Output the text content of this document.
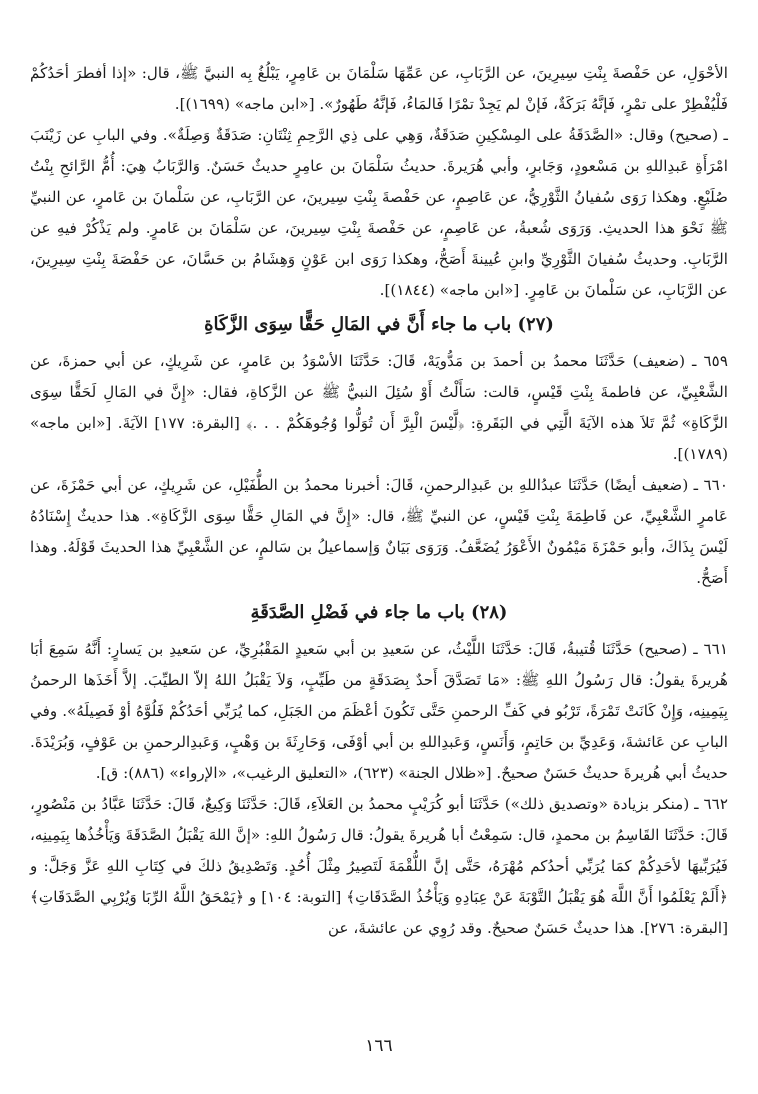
الأحْوَلِ، عن حَفْصةَ بِنْتِ سِيرِينَ، عن الرَّبَابِ، عن عَمِّهَا سَلْمَانَ بن عَامِرٍ، يَبْلُغُ بِه النبيَّ ﷺ، قال: «إذا أفطرَ أحَدُكُمْ فَلْيُفْطِرْ على تمْرٍ، فَإنَّهُ بَرَكَةٌ، فَإنْ لم يَجِدْ تمْرًا فَالمَاءُ، فَإنَّهُ طَهُورٌ». [«ابن ماجه» (١٦٩٩)].

ـ (صحيح) وقال: «الصَّدَقَةُ على المِسْكِينِ صَدَقَةٌ، وَهِي على ذِي الرَّحِمِ ثِنْتَانِ: صَدَقَةٌ وَصِلَةٌ». وفي البابِ عن زَيْنَبَ امْرَأَةِ عَبدِاللهِ بن مَسْعودٍ، وَجَابرٍ، وأبي هُرَيرةَ. حديثُ سَلْمَانَ بن عامِرٍ حديثٌ حَسَنٌ. وَالرَّبَابُ هِيَ: أُمُّ الرَّائحِ بِنْتُ صُلَيْعٍ. وهكذا رَوَى سُفيانُ الثَّوْرِيُّ، عن عَاصِمٍ، عن حَفْصةَ بِنْتِ سِيرينَ، عن الرَّبَابِ، عن سَلْمانَ بن عَامرٍ، عن النبيِّ ﷺ نَحْوَ هذا الحديثِ. وَرَوَى شُعبةُ، عن عَاصِمٍ، عن حَفْصةَ بِنْتِ سِيرينَ، عن سَلْمَانَ بن عَامرٍ. ولم يَذْكُرْ فيهِ عن الرَّبَابِ. وحديثُ سُفيانَ الثَّوْرِيِّ وابنِ عُيينةَ أَصَحُّ، وهكذا رَوَى ابن عَوْنٍ وَهِشَامُ بن حَسَّانَ، عن حَفْصَةَ بِنْتِ سِيرِينَ، عن الرَّبَابِ، عن سَلْمانَ بن عَامِرٍ. [«ابن ماجه» (١٨٤٤)].

(٢٧) باب ما جاء أَنَّ في المَالِ حَقًّا سِوَى الزَّكَاةِ

٦٥٩ ـ (ضعيف) حَدَّثَنَا محمدُ بن أحمدَ بن مَدُّويَهْ، قَالَ: حَدَّثَنَا الأسْوَدُ بن عَامرٍ، عن شَرِيكٍ، عن أبي حمزةَ، عن الشَّعْبِيِّ، عن فاطمةَ بِنْتِ قَيْسٍ، قالت: سَأَلْتُ أَوْ سُئِلَ النبيُّ ﷺ عن الزَّكاةِ، فقال: «إِنَّ في المَالِ لَحَقًّا سِوَى الزَّكَاةِ» ثُمَّ تَلاَ هذه الآيَةَ الَّتِي في البَقَرةِ: ﴿لَّيْسَ الْبِرَّ أَن تُوَلُّوا وُجُوهَكُمْ . . .﴾ [البقرة: ١٧٧] الآيَةَ. [«ابن ماجه» (١٧٨٩)].

٦٦٠ ـ (ضعيف أيضًا) حَدَّثَنَا عبدُاللهِ بن عَبدِالرحمنِ، قَالَ: أخبرنا محمدُ بن الطُّفَيْلِ، عن شَرِيكٍ، عن أبي حَمْزَةَ، عن عَامرٍ الشَّعْبِيِّ، عن فَاطِمَةَ بِنْتِ قَيْسٍ، عن النبيِّ ﷺ، قال: «إِنَّ في المَالِ حَقًّا سِوَى الزَّكَاةِ». هذا حديثٌ إِسْنَادُهُ لَيْسَ بِذَاكَ، وأبو حَمْزَةَ مَيْمُونٌ الأَعْوَرُ يُضَعَّفُ. وَرَوَى بَيَانٌ وَإسماعيلُ بن سَالمٍ، عن الشَّعْبِيِّ هذا الحديثَ قَوْلَهُ. وهذا أَصَحُّ.

(٢٨) باب ما جاء في فَضْلِ الصَّدَقَةِ

٦٦١ ـ (صحيح) حَدَّثَنَا قُتيبةُ، قَالَ: حَدَّثَنَا اللَّيْثُ، عن سَعيدِ بن أبي سَعيدٍ المَقْبُرِيِّ، عن سَعيدِ بن يَسارٍ: أَنَّهُ سَمِعَ أبَا هُريرةَ يقولُ: قال رَسُولُ اللهِ ﷺ: «مَا تَصَدَّقَ أَحدٌ بِصَدَقَةٍ من طَيِّبٍ، وَلاَ يَقْبَلُ اللهُ إلاّ الطيِّبَ. إلاَّ أَخَذَها الرحمنُ بِيَمِينِه، وَإِنْ كَانَتْ تَمْرَةً، تَرْبُو في كَفِّ الرحمنِ حَتَّى تَكُونَ أعْظَمَ من الجَبَلِ، كما يُرَبِّي أحَدُكُمْ فَلُوَّهُ أوْ فَصِيلَهُ». وفي البابِ عن عَائشةَ، وَعَدِيِّ بن حَاتِمٍ، وَأَنَسٍ، وَعَبدِاللهِ بن أبي أوْفَى، وَحَارِثَةَ بن وَهْبٍ، وَعَبدِالرحمنِ بن عَوْفٍ، وَبُرَيْدَةَ. حديثُ أبي هُريرةَ حديثٌ حَسَنٌ صحيحٌ. [«ظلال الجنة» (٦٢٣)، «التعليق الرغيب»، «الإرواء» (٨٨٦): ق].

٦٦٢ ـ (منكر بزيادة «وتصديق ذلك») حَدَّثَنَا أبو كُرَيْبٍ محمدُ بن العَلاَءِ، قَالَ: حَدَّثَنَا وَكِيعٌ، قَالَ: حَدَّثَنَا عَبَّادُ بن مَنْصُورٍ، قَالَ: حَدَّثَنَا القَاسِمُ بن محمدٍ، قال: سَمِعْتُ أبا هُريرةَ يقولُ: قال رَسُولُ اللهِ: «إنَّ اللهَ يَقْبَلُ الصَّدَقَةَ وَيَأْخُذُها بِيَمِينِه، فَيُرَبِّيهَا لأحَدِكُمْ كمَا يُرَبِّي أحدُكم مُهْرَهُ، حَتَّى إنَّ اللُّقْمَةَ لَتَصِيرُ مِثْلَ أُحُدٍ. وَتَصْدِيقُ ذلكَ في كِتَابِ اللهِ عَزَّ وَجَلَّ: و ﴿أَلَمْ يَعْلَمُوا أَنَّ اللَّهَ هُوَ يَقْبَلُ التَّوْبَةَ عَنْ عِبَادِهِ وَيَأْخُذُ الصَّدَقَاتِ﴾ [التوبة: ١٠٤] و ﴿يَمْحَقُ اللَّهُ الرِّبَا وَيُرْبِي الصَّدَقَاتِ﴾ [البقرة: ٢٧٦]. هذا حديثٌ حَسَنٌ صحيحٌ. وقد رُوِي عن عائشةَ، عن

١٦٦
